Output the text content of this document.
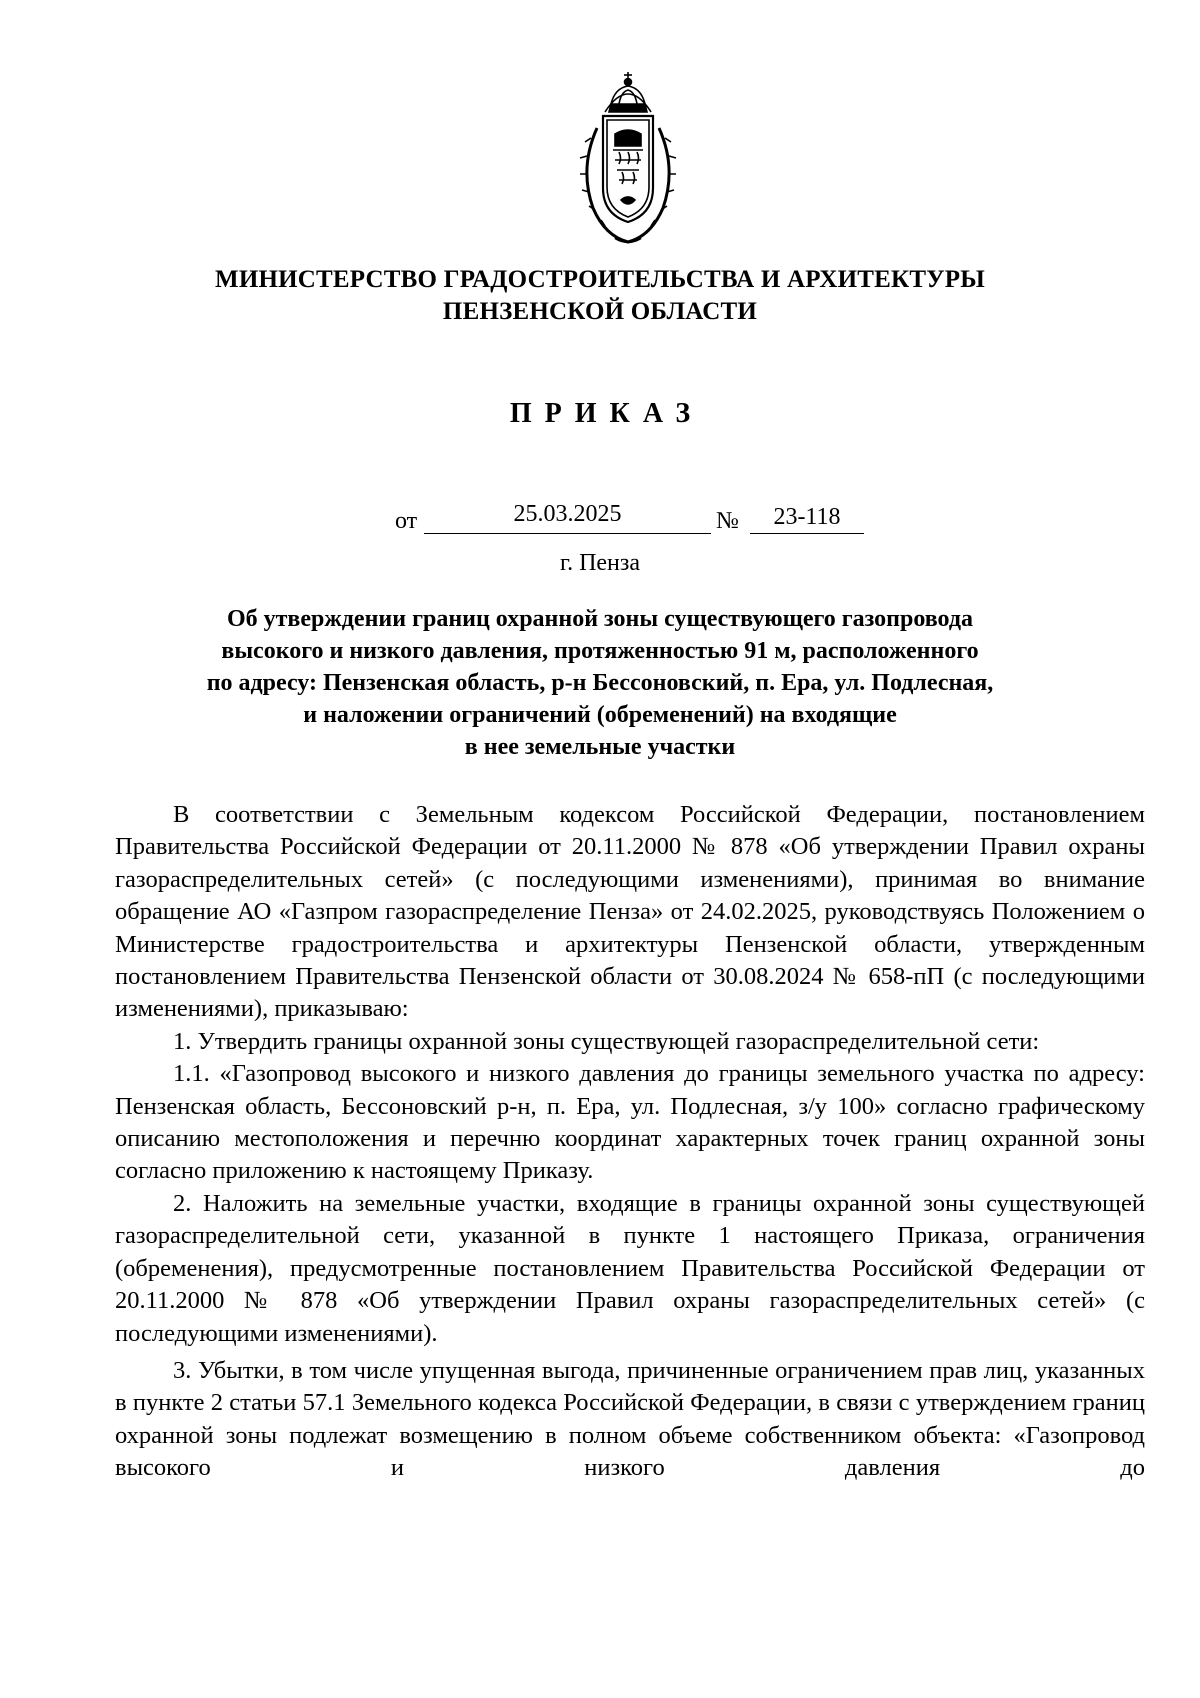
МИНИСТЕРСТВО ГРАДОСТРОИТЕЛЬСТВА И АРХИТЕКТУРЫ
ПЕНЗЕНСКОЙ ОБЛАСТИ
ПРИКАЗ
от	25.03.2025	№	23-118
г. Пенза
Об утверждении границ охранной зоны существующего газопровода
высокого и низкого давления, протяженностью 91 м, расположенного
по адресу: Пензенская область, р-н Бессоновский, п. Ера, ул. Подлесная,
и наложении ограничений (обременений) на входящие
в нее земельные участки

В соответствии с Земельным кодексом Российской Федерации, постановлением Правительства Российской Федерации от 20.11.2000 № 878 «Об утверждении Правил охраны газораспределительных сетей» (с последующими изменениями), принимая во внимание обращение АО «Газпром газораспределение Пенза» от 24.02.2025, руководствуясь Положением о Министерстве градостроительства и архитектуры Пензенской области, утвержденным постановлением Правительства Пензенской области от 30.08.2024 № 658-пП (с последующими изменениями), приказываю:

1. Утвердить границы охранной зоны существующей газораспределительной сети:

1.1. «Газопровод высокого и низкого давления до границы земельного участка по адресу: Пензенская область, Бессоновский р-н, п. Ера, ул. Подлесная, з/у 100» согласно графическому описанию местоположения и перечню координат характерных точек границ охранной зоны согласно приложению к настоящему Приказу.

2. Наложить на земельные участки, входящие в границы охранной зоны существующей газораспределительной сети, указанной в пункте 1 настоящего Приказа, ограничения (обременения), предусмотренные постановлением Правительства Российской Федерации от 20.11.2000 № 878 «Об утверждении Правил охраны газораспределительных сетей» (с последующими изменениями).

3. Убытки, в том числе упущенная выгода, причиненные ограничением прав лиц, указанных в пункте 2 статьи 57.1 Земельного кодекса Российской Федерации, в связи с утверждением границ охранной зоны подлежат возмещению в полном объеме собственником объекта: «Газопровод высокого и низкого давления до
